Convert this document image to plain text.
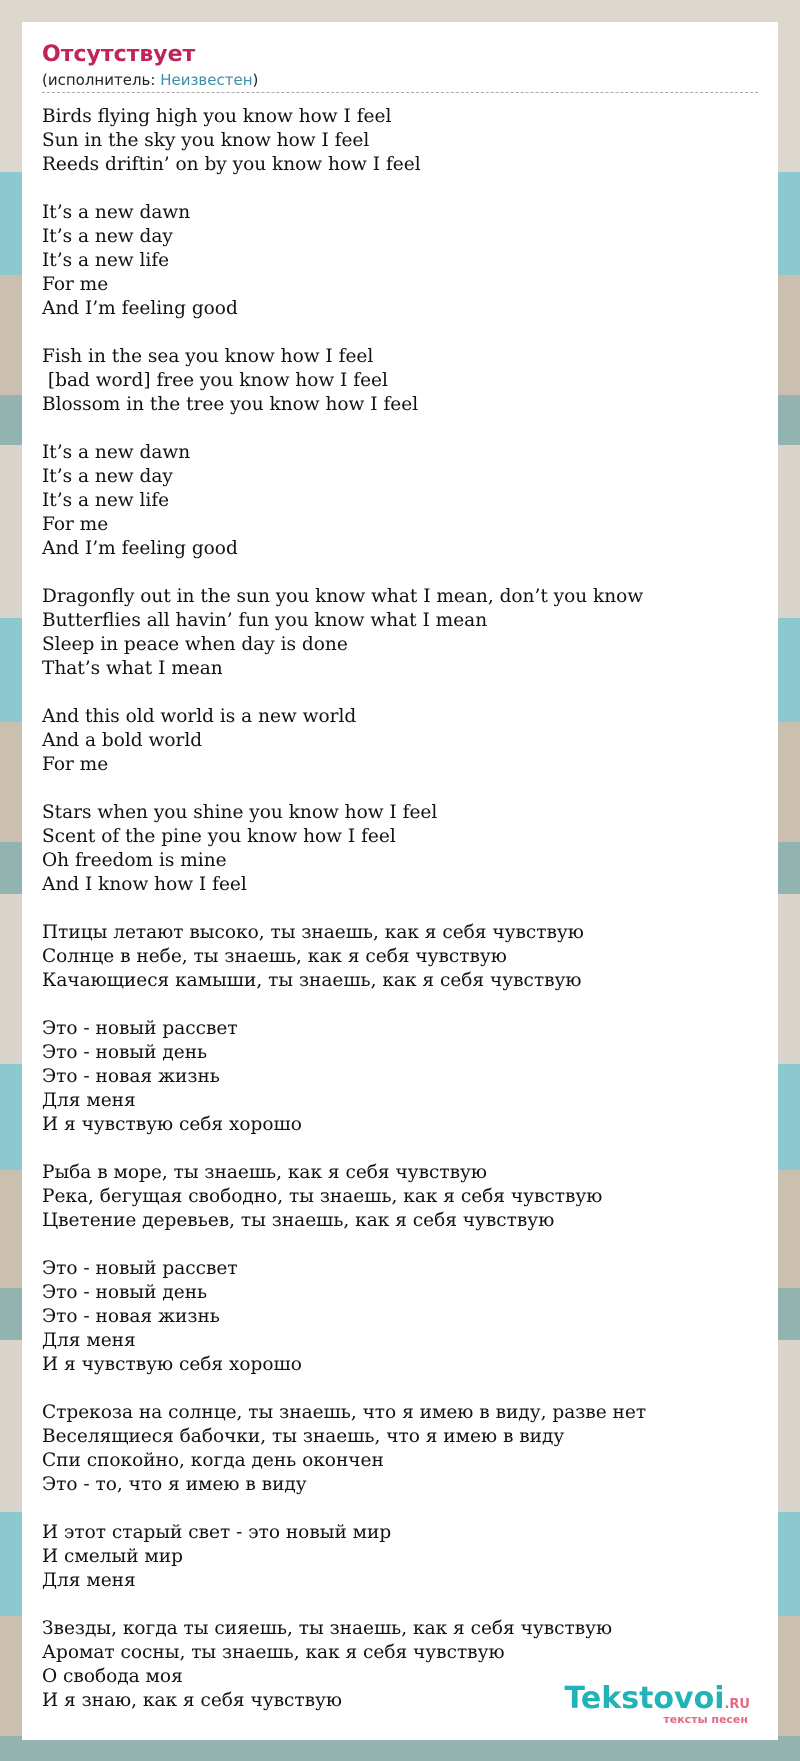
Отсутствует
(исполнитель: Неизвестен)
Birds flying high you know how I feel
Sun in the sky you know how I feel
Reeds driftin’ on by you know how I feel
It’s a new dawn
It’s a new day
It’s a new life
For me
And I’m feeling good
Fish in the sea you know how I feel
[bad word] free you know how I feel
Blossom in the tree you know how I feel
It’s a new dawn
It’s a new day
It’s a new life
For me
And I’m feeling good
Dragonfly out in the sun you know what I mean, don’t you know
Butterflies all havin’ fun you know what I mean
Sleep in peace when day is done
That’s what I mean
And this old world is a new world
And a bold world
For me
Stars when you shine you know how I feel
Scent of the pine you know how I feel
Oh freedom is mine
And I know how I feel
Птицы летают высоко, ты знаешь, как я себя чувствую
Солнце в небе, ты знаешь, как я себя чувствую
Качающиеся камыши, ты знаешь, как я себя чувствую
Это - новый рассвет
Это - новый день
Это - новая жизнь
Для меня
И я чувствую себя хорошо
Рыба в море, ты знаешь, как я себя чувствую
Река, бегущая свободно, ты знаешь, как я себя чувствую
Цветение деревьев, ты знаешь, как я себя чувствую
Это - новый рассвет
Это - новый день
Это - новая жизнь
Для меня
И я чувствую себя хорошо
Стрекоза на солнце, ты знаешь, что я имею в виду, разве нет
Веселящиеся бабочки, ты знаешь, что я имею в виду
Спи спокойно, когда день окончен
Это - то, что я имею в виду
И этот старый свет - это новый мир
И смелый мир
Для меня
Звезды, когда ты сияешь, ты знаешь, как я себя чувствую
Аромат сосны, ты знаешь, как я себя чувствую
О свобода моя
И я знаю, как я себя чувствую	Tekstovoi.RU
тексты песен
